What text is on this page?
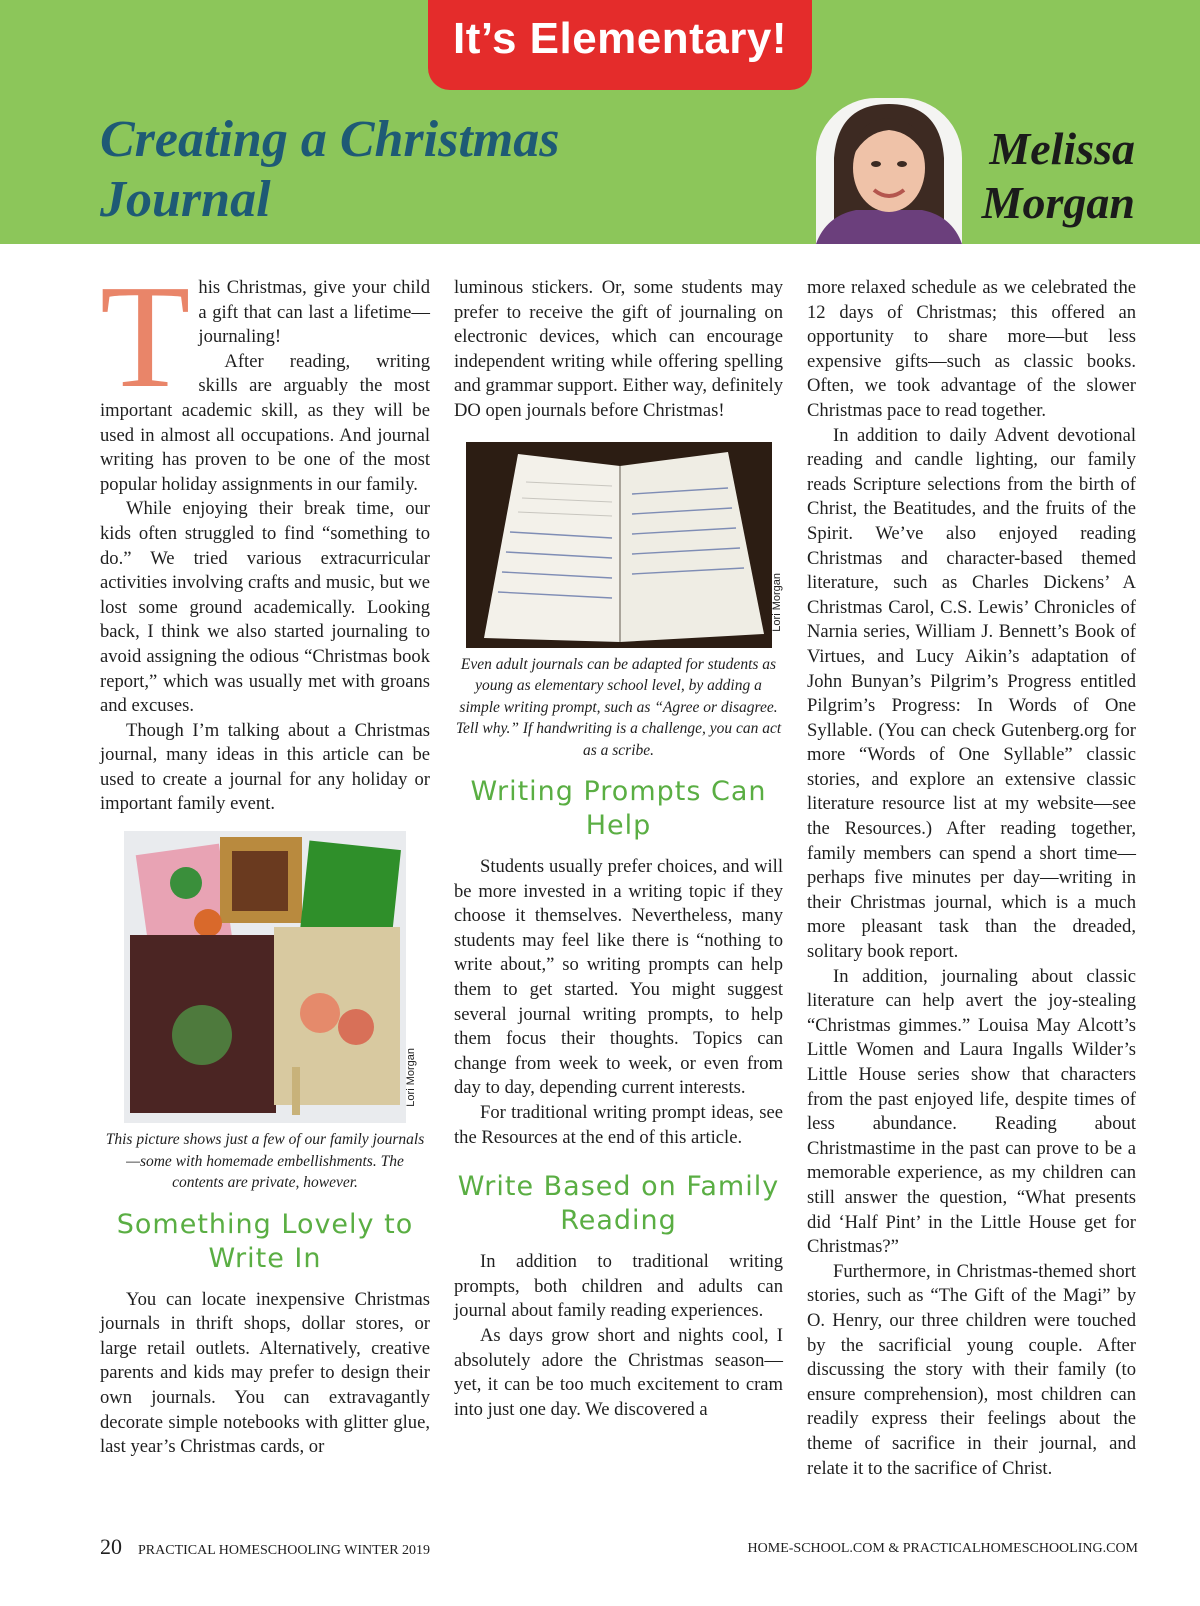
It’s Elementary!
Creating a Christmas Journal
Melissa Morgan

This Christmas, give your child a gift that can last a lifetime—journaling!

After reading, writing skills are arguably the most important academic skill, as they will be used in almost all occupations. And journal writing has proven to be one of the most popular holiday assignments in our family.

While enjoying their break time, our kids often struggled to find “something to do.” We tried various extracurricular activities involving crafts and music, but we lost some ground academically. Looking back, I think we also started journaling to avoid assigning the odious “Christmas book report,” which was usually met with groans and excuses.

Though I’m talking about a Christmas journal, many ideas in this article can be used to create a journal for any holiday or important family event.

Lori Morgan
This picture shows just a few of our family journals—some with homemade embellishments. The contents are private, however.
Something Lovely to Write In

You can locate inexpensive Christmas journals in thrift shops, dollar stores, or large retail outlets. Alternatively, creative parents and kids may prefer to design their own journals. You can extravagantly decorate simple notebooks with glitter glue, last year’s Christmas cards, or

luminous stickers. Or, some students may prefer to receive the gift of journaling on electronic devices, which can encourage independent writing while offering spelling and grammar support. Either way, definitely DO open journals before Christmas!

Lori Morgan
Even adult journals can be adapted for students as young as elementary school level, by adding a simple writing prompt, such as “Agree or disagree. Tell why.” If handwriting is a challenge, you can act as a scribe.
Writing Prompts Can Help

Students usually prefer choices, and will be more invested in a writing topic if they choose it themselves. Nevertheless, many students may feel like there is “nothing to write about,” so writing prompts can help them to get started. You might suggest several journal writing prompts, to help them focus their thoughts. Topics can change from week to week, or even from day to day, depending current interests.

For traditional writing prompt ideas, see the Resources at the end of this article.

Write Based on Family Reading

In addition to traditional writing prompts, both children and adults can journal about family reading experiences.

As days grow short and nights cool, I absolutely adore the Christmas season—yet, it can be too much excitement to cram into just one day. We discovered a

more relaxed schedule as we celebrated the 12 days of Christmas; this offered an opportunity to share more—but less expensive gifts—such as classic books. Often, we took advantage of the slower Christmas pace to read together.

In addition to daily Advent devotional reading and candle lighting, our family reads Scripture selections from the birth of Christ, the Beatitudes, and the fruits of the Spirit. We’ve also enjoyed reading Christmas and character-based themed literature, such as Charles Dickens’ A Christmas Carol, C.S. Lewis’ Chronicles of Narnia series, William J. Bennett’s Book of Virtues, and Lucy Aikin’s adaptation of John Bunyan’s Pilgrim’s Progress entitled Pilgrim’s Progress: In Words of One Syllable. (You can check Gutenberg.org for more “Words of One Syllable” classic stories, and explore an extensive classic literature resource list at my website—see the Resources.) After reading together, family members can spend a short time—perhaps five minutes per day—writing in their Christmas journal, which is a much more pleasant task than the dreaded, solitary book report.

In addition, journaling about classic literature can help avert the joy-stealing “Christmas gimmes.” Louisa May Alcott’s Little Women and Laura Ingalls Wilder’s Little House series show that characters from the past enjoyed life, despite times of less abundance. Reading about Christmastime in the past can prove to be a memorable experience, as my children can still answer the question, “What presents did ‘Half Pint’ in the Little House get for Christmas?”

Furthermore, in Christmas-themed short stories, such as “The Gift of the Magi” by O. Henry, our three children were touched by the sacrificial young couple. After discussing the story with their family (to ensure comprehension), most children can readily express their feelings about the theme of sacrifice in their journal, and relate it to the sacrifice of Christ.

20 PRACTICAL HOMESCHOOLING WINTER 2019	HOME-SCHOOL.COM & PRACTICALHOMESCHOOLING.COM
